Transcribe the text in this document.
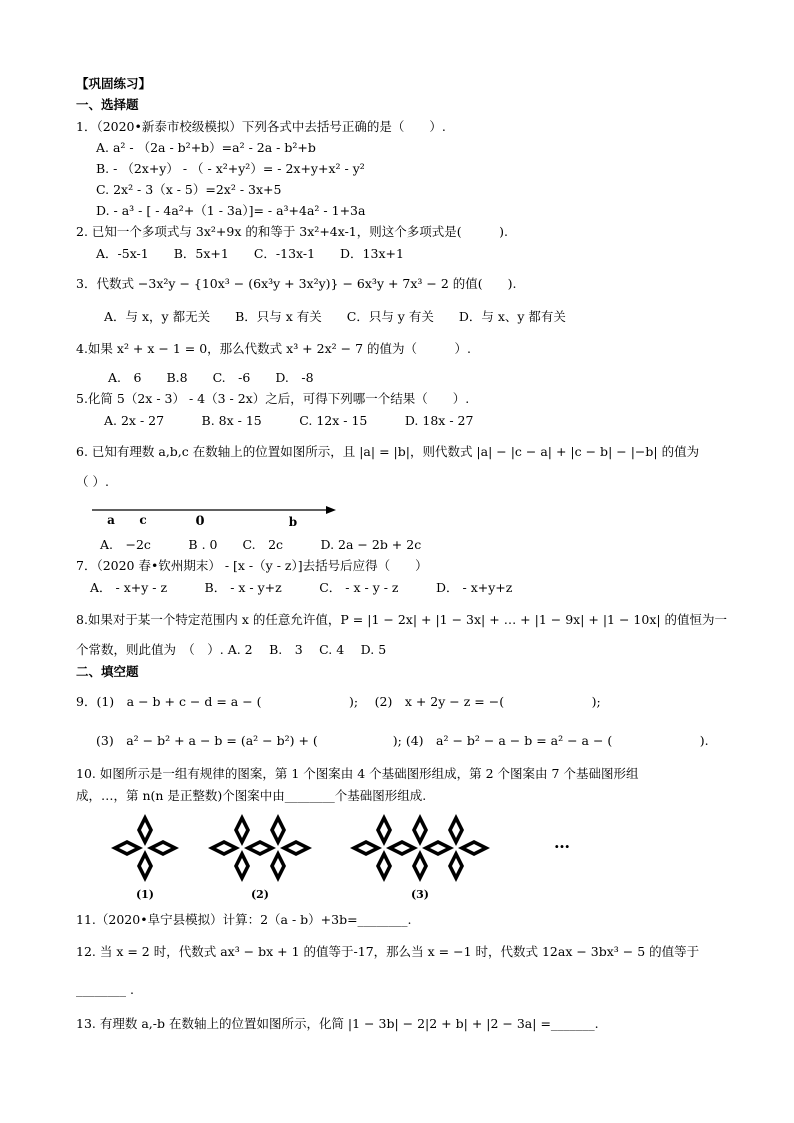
【巩固练习】
一、选择题
1．（2020•新泰市校级模拟）下列各式中去括号正确的是（　　）.
A. a² - （2a - b²+b）=a² - 2a - b²+b
B. - （2x+y） - （ - x²+y²）= - 2x+y+x² - y²
C. 2x² - 3（x - 5）=2x² - 3x+5
D. - a³ - [ - 4a²+（1 - 3a）]= - a³+4a² - 1+3a
2. 已知一个多项式与 3x²+9x 的和等于 3x²+4x-1，则这个多项式是(　　　).
A．-5x-1　　B．5x+1　　C．-13x-1　　D．13x+1
3．代数式 −3x²y − {10x³ − (6x³y + 3x²y)} − 6x³y + 7x³ − 2 的值(　　).
A．与 x，y 都无关　　B．只与 x 有关　　C．只与 y 有关　　D．与 x、y 都有关
4.如果 x² + x − 1 = 0，那么代数式 x³ + 2x² − 7 的值为（　　　）.
A.　6　　B.8　　C.　-6　　D.　-8
5.化简 5（2x - 3） - 4（3 - 2x）之后，可得下列哪一个结果（　　）.
A. 2x - 27　　　B. 8x - 15　　　C. 12x - 15　　　D. 18x - 27
6. 已知有理数 a,b,c 在数轴上的位置如图所示，且 |a| = |b|，则代数式 |a| − |c − a| + |c − b| − |−b| 的值为
（ ）.
a c	0	b
A.　−2c　　　B . 0　　C.　2c　　　D. 2a − 2b + 2c
7．（2020 春•钦州期末） - [x -（y - z）]去括号后应得（　　）
A． - x+y - z　　　B． - x - y+z　　　C． - x - y - z　　　D． - x+y+z
8.如果对于某一个特定范围内 x 的任意允许值，P = |1 − 2x| + |1 − 3x| + … + |1 − 9x| + |1 − 10x| 的值恒为一
个常数，则此值为　（　）. A. 2　 B.　3　 C. 4　 D. 5
二、填空题
9．(1)　a − b + c − d = a − (　　　　　　　);　 (2)　x + 2y − z = −(　　　　　　　);
(3)　a² − b² + a − b = (a² − b²) + (　　　　　　); (4)　a² − b² − a − b = a² − a − (　　　　　　　).
10. 如图所示是一组有规律的图案，第 1 个图案由 4 个基础图形组成，第 2 个图案由 7 个基础图形组
成，…，第 n(n 是正整数)个图案中由________个基础图形组成.
…
(1)	(2)	(3)
11.（2020•阜宁县模拟）计算：2（a - b）+3b=________.
12. 当 x = 2 时，代数式 ax³ − bx + 1 的值等于-17，那么当 x = −1 时，代数式 12ax − 3bx³ − 5 的值等于
________ .
13. 有理数 a,-b 在数轴上的位置如图所示，化简 |1 − 3b| − 2|2 + b| + |2 − 3a| =_______.
